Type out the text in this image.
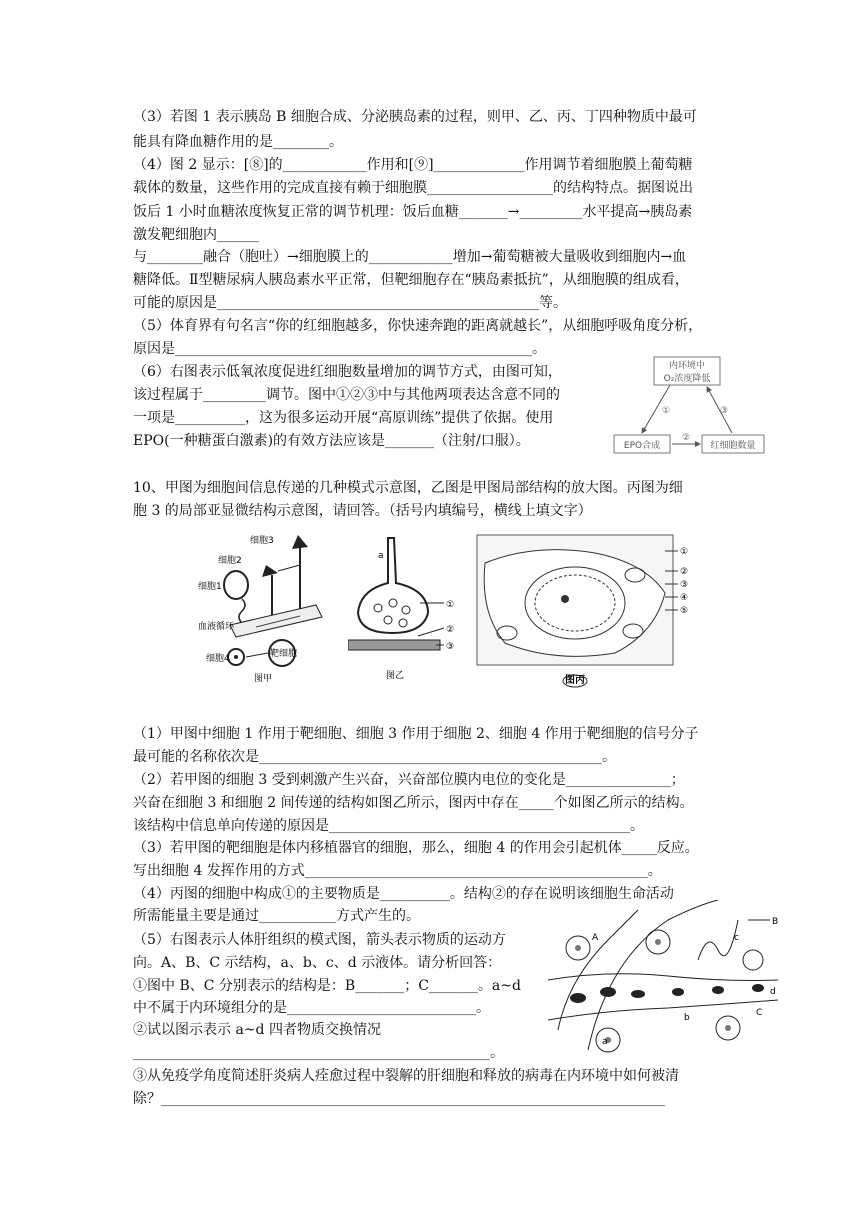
（3）若图 1 表示胰岛 B 细胞合成、分泌胰岛素的过程，则甲、乙、丙、丁四种物质中最可

能具有降血糖作用的是________。

（4）图 2 显示：[⑧]的____________作用和[⑨]_____________作用调节着细胞膜上葡萄糖

载体的数量，这些作用的完成直接有赖于细胞膜__________________的结构特点。据图说出

饭后 1 小时血糖浓度恢复正常的调节机理：饭后血糖_______→_________水平提高→胰岛素

激发靶细胞内______

与________融合（胞吐）→细胞膜上的____________增加→葡萄糖被大量吸收到细胞内→血

糖降低。Ⅱ型糖尿病人胰岛素水平正常，但靶细胞存在“胰岛素抵抗”，从细胞膜的组成看，

可能的原因是______________________________________________等。

（5）体育界有句名言“你的红细胞越多，你快速奔跑的距离就越长”，从细胞呼吸角度分析，

原因是___________________________________________________。

（6）右图表示低氧浓度促进红细胞数量增加的调节方式，由图可知，

该过程属于_________调节。图中①②③中与其他两项表达含意不同的

一项是__________，这为很多运动开展“高原训练”提供了依据。使用

EPO(一种糖蛋白激素)的有效方法应该是_______（注射/口服）。

内环境中
O₂浓度降低
EPO合成	红细胞数量
①
②
③

10、甲图为细胞间信息传递的几种模式示意图，乙图是甲图局部结构的放大图。丙图为细

胞 3 的局部亚显微结构示意图，请回答。（括号内填编号，横线上填文字）

细胞3
细胞2
细胞1
血液循环
靶细胞
细胞4
图甲
a
①
②
③
图乙
①
②
③
④
⑤
图丙

（1）甲图中细胞 1 作用于靶细胞、细胞 3 作用于细胞 2、细胞 4 作用于靶细胞的信号分子

最可能的名称依次是_________________________________________________。

（2）若甲图的细胞 3 受到刺激产生兴奋，兴奋部位膜内电位的变化是_______________；

兴奋在细胞 3 和细胞 2 间传递的结构如图乙所示，图丙中存在_____个如图乙所示的结构。

该结构中信息单向传递的原因是___________________________________________。

（3）若甲图的靶细胞是体内移植器官的细胞，那么，细胞 4 的作用会引起机体_____反应。

写出细胞 4 发挥作用的方式_________________________________________________。

（4）丙图的细胞中构成①的主要物质是__________。结构②的存在说明该细胞生命活动

所需能量主要是通过___________方式产生的。

（5）右图表示人体肝组织的模式图，箭头表示物质的运动方

向。A、B、C 示结构，a、b、c、d 示液体。请分析回答：

①图中 B、C 分别表示的结构是：B_______；C_______。a~d

中不属于内环境组分的是___________________________。

②试以图示表示 a~d 四者物质交换情况

___________________________________________________。

③从免疫学角度简述肝炎病人痊愈过程中裂解的肝细胞和释放的病毒在内环境中如何被清

除？________________________________________________________________________

A
B
C
a
b
c
d
